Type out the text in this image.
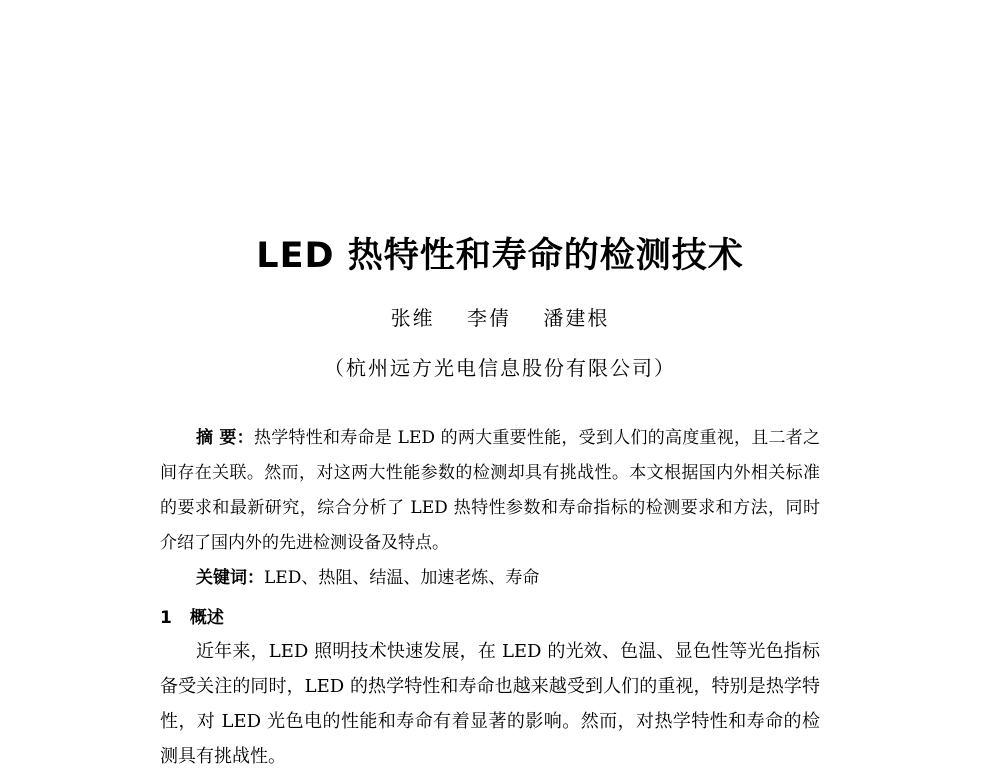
LED 热特性和寿命的检测技术
张维 李倩 潘建根
（杭州远方光电信息股份有限公司）
摘 要：热学特性和寿命是 LED 的两大重要性能，受到人们的高度重视，且二者之间存在关联。然而，对这两大性能参数的检测却具有挑战性。本文根据国内外相关标准的要求和最新研究，综合分析了 LED 热特性参数和寿命指标的检测要求和方法，同时介绍了国内外的先进检测设备及特点。
关键词：LED、热阻、结温、加速老炼、寿命
1 概述
近年来，LED 照明技术快速发展，在 LED 的光效、色温、显色性等光色指标备受关注的同时，LED 的热学特性和寿命也越来越受到人们的重视，特别是热学特性，对 LED 光色电的性能和寿命有着显著的影响。然而，对热学特性和寿命的检测具有挑战性。
